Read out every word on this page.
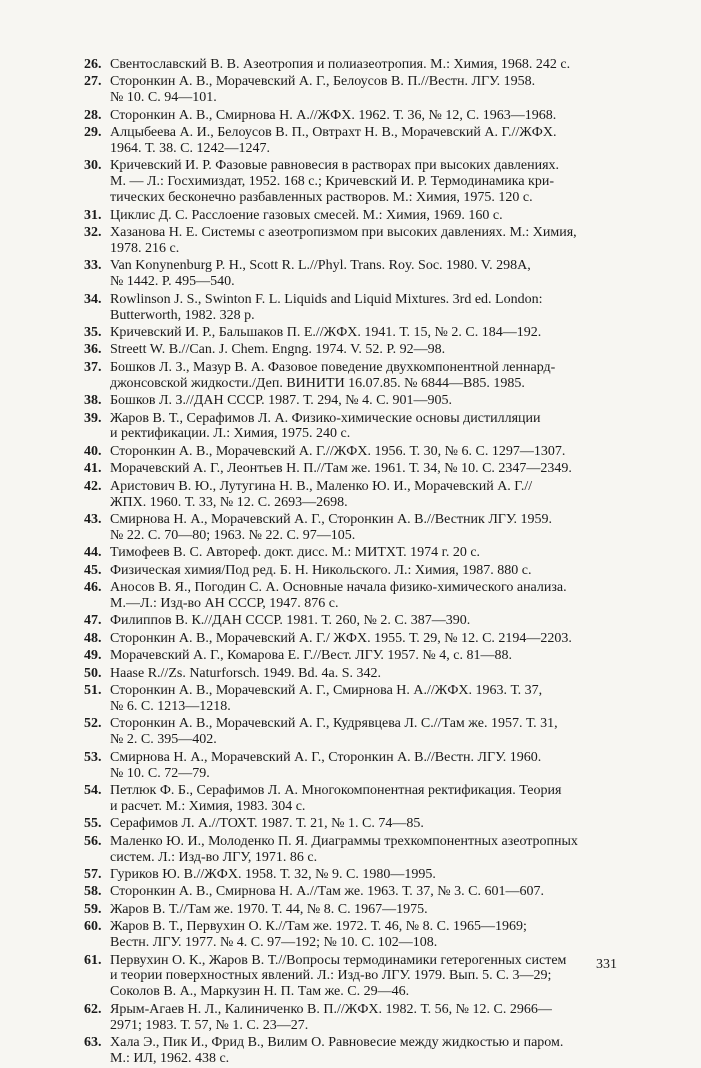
26. Свентославский В. В. Азеотропия и полиазеотропия. М.: Химия, 1968. 242 с.
27. Сторонкин А. В., Морачевский А. Г., Белоусов В. П.//Вестн. ЛГУ. 1958.
№ 10. С. 94—101.
28. Сторонкин А. В., Смирнова Н. А.//ЖФХ. 1962. Т. 36, № 12, С. 1963—1968.
29. Алцыбеева А. И., Белоусов В. П., Овтрахт Н. В., Морачевский А. Г.//ЖФХ.
1964. Т. 38. С. 1242—1247.
30. Кричевский И. Р. Фазовые равновесия в растворах при высоких давлениях.
М. — Л.: Госхимиздат, 1952. 168 с.; Кричевский И. Р. Термодинамика кри-
тических бесконечно разбавленных растворов. М.: Химия, 1975. 120 с.
31. Циклис Д. С. Расслоение газовых смесей. М.: Химия, 1969. 160 с.
32. Хазанова Н. Е. Системы с азеотропизмом при высоких давлениях. М.: Химия,
1978. 216 с.
33. Van Konynenburg P. H., Scott R. L.//Phyl. Trans. Roy. Soc. 1980. V. 298A,
№ 1442. P. 495—540.
34. Rowlinson J. S., Swinton F. L. Liquids and Liquid Mixtures. 3rd ed. London:
Butterworth, 1982. 328 p.
35. Кричевский И. Р., Бальшаков П. Е.//ЖФХ. 1941. Т. 15, № 2. С. 184—192.
36. Streett W. B.//Can. J. Chem. Engng. 1974. V. 52. P. 92—98.
37. Бошков Л. З., Мазур В. А. Фазовое поведение двухкомпонентной леннард-
джонсовской жидкости./Деп. ВИНИТИ 16.07.85. № 6844—В85. 1985.
38. Бошков Л. З.//ДАН СССР. 1987. Т. 294, № 4. С. 901—905.
39. Жаров В. Т., Серафимов Л. А. Физико-химические основы дистилляции
и ректификации. Л.: Химия, 1975. 240 с.
40. Сторонкин А. В., Морачевский А. Г.//ЖФХ. 1956. Т. 30, № 6. С. 1297—1307.
41. Морачевский А. Г., Леонтьев Н. П.//Там же. 1961. Т. 34, № 10. С. 2347—2349.
42. Аристович В. Ю., Лутугина Н. В., Маленко Ю. И., Морачевский А. Г.//
ЖПХ. 1960. Т. 33, № 12. С. 2693—2698.
43. Смирнова Н. А., Морачевский А. Г., Сторонкин А. В.//Вестник ЛГУ. 1959.
№ 22. С. 70—80; 1963. № 22. С. 97—105.
44. Тимофеев В. С. Автореф. докт. дисс. М.: МИТХТ. 1974 г. 20 с.
45. Физическая химия/Под ред. Б. Н. Никольского. Л.: Химия, 1987. 880 с.
46. Аносов В. Я., Погодин С. А. Основные начала физико-химического анализа.
М.—Л.: Изд-во АН СССР, 1947. 876 с.
47. Филиппов В. К.//ДАН СССР. 1981. Т. 260, № 2. С. 387—390.
48. Сторонкин А. В., Морачевский А. Г./ ЖФХ. 1955. Т. 29, № 12. С. 2194—2203.
49. Морачевский А. Г., Комарова Е. Г.//Вест. ЛГУ. 1957. № 4, с. 81—88.
50. Haase R.//Zs. Naturforsch. 1949. Bd. 4a. S. 342.
51. Сторонкин А. В., Морачевский А. Г., Смирнова Н. А.//ЖФХ. 1963. Т. 37,
№ 6. С. 1213—1218.
52. Сторонкин А. В., Морачевский А. Г., Кудрявцева Л. С.//Там же. 1957. Т. 31,
№ 2. С. 395—402.
53. Смирнова Н. А., Морачевский А. Г., Сторонкин А. В.//Вестн. ЛГУ. 1960.
№ 10. С. 72—79.
54. Петлюк Ф. Б., Серафимов Л. А. Многокомпонентная ректификация. Теория
и расчет. М.: Химия, 1983. 304 с.
55. Серафимов Л. А.//ТОХТ. 1987. Т. 21, № 1. С. 74—85.
56. Маленко Ю. И., Молоденко П. Я. Диаграммы трехкомпонентных азеотропных
систем. Л.: Изд-во ЛГУ, 1971. 86 с.
57. Гуриков Ю. В.//ЖФХ. 1958. Т. 32, № 9. С. 1980—1995.
58. Сторонкин А. В., Смирнова Н. А.//Там же. 1963. Т. 37, № 3. С. 601—607.
59. Жаров В. Т.//Там же. 1970. Т. 44, № 8. С. 1967—1975.
60. Жаров В. Т., Первухин О. К.//Там же. 1972. Т. 46, № 8. С. 1965—1969;
Вестн. ЛГУ. 1977. № 4. С. 97—192; № 10. С. 102—108.
61. Первухин О. К., Жаров В. Т.//Вопросы термодинамики гетерогенных систем
и теории поверхностных явлений. Л.: Изд-во ЛГУ. 1979. Вып. 5. С. 3—29;
Соколов В. А., Маркузин Н. П. Там же. С. 29—46.
62. Ярым-Агаев Н. Л., Калиниченко В. П.//ЖФХ. 1982. Т. 56, № 12. С. 2966—
2971; 1983. Т. 57, № 1. С. 23—27.
63. Хала Э., Пик И., Фрид В., Вилим О. Равновесие между жидкостью и паром.
М.: ИЛ, 1962. 438 с.
331
